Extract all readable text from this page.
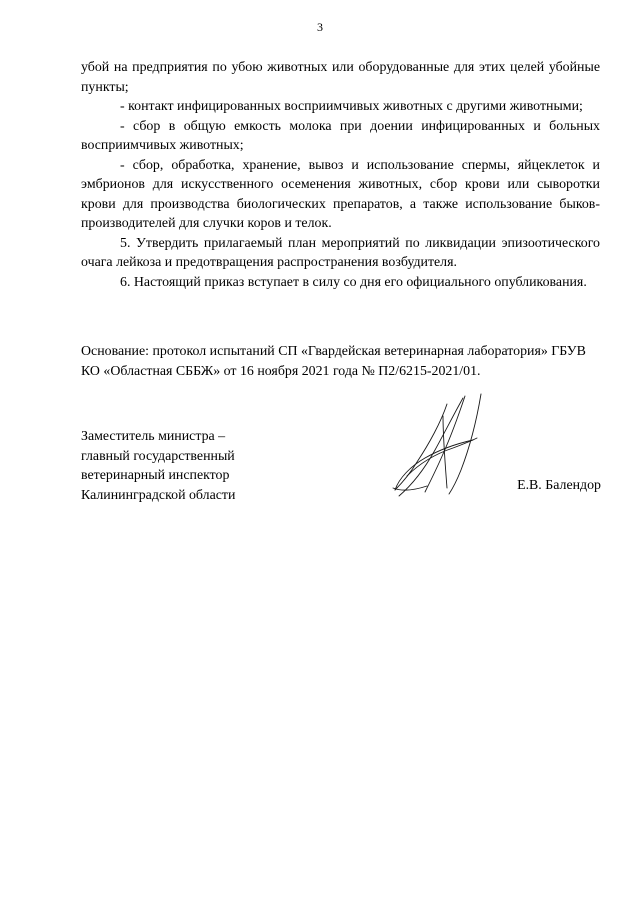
3

убой на предприятия по убою животных или оборудованные для этих целей убойные пункты;

- контакт инфицированных восприимчивых животных с другими животными;

- сбор в общую емкость молока при доении инфицированных и больных восприимчивых животных;

- сбор, обработка, хранение, вывоз и использование спермы, яйцеклеток и эмбрионов для искусственного осеменения животных, сбор крови или сыворотки крови для производства биологических препаратов, а также использование быков-производителей для случки коров и телок.

5. Утвердить прилагаемый план мероприятий по ликвидации эпизоотического очага лейкоза и предотвращения распространения возбудителя.

6. Настоящий приказ вступает в силу со дня его официального опубликования.

Основание: протокол испытаний СП «Гвардейская ветеринарная лаборатория» ГБУВ КО «Областная СББЖ» от 16 ноября 2021 года № П2/6215-2021/01.

Заместитель министра –
главный государственный
ветеринарный инспектор
Калининградской области
Е.В. Балендор
